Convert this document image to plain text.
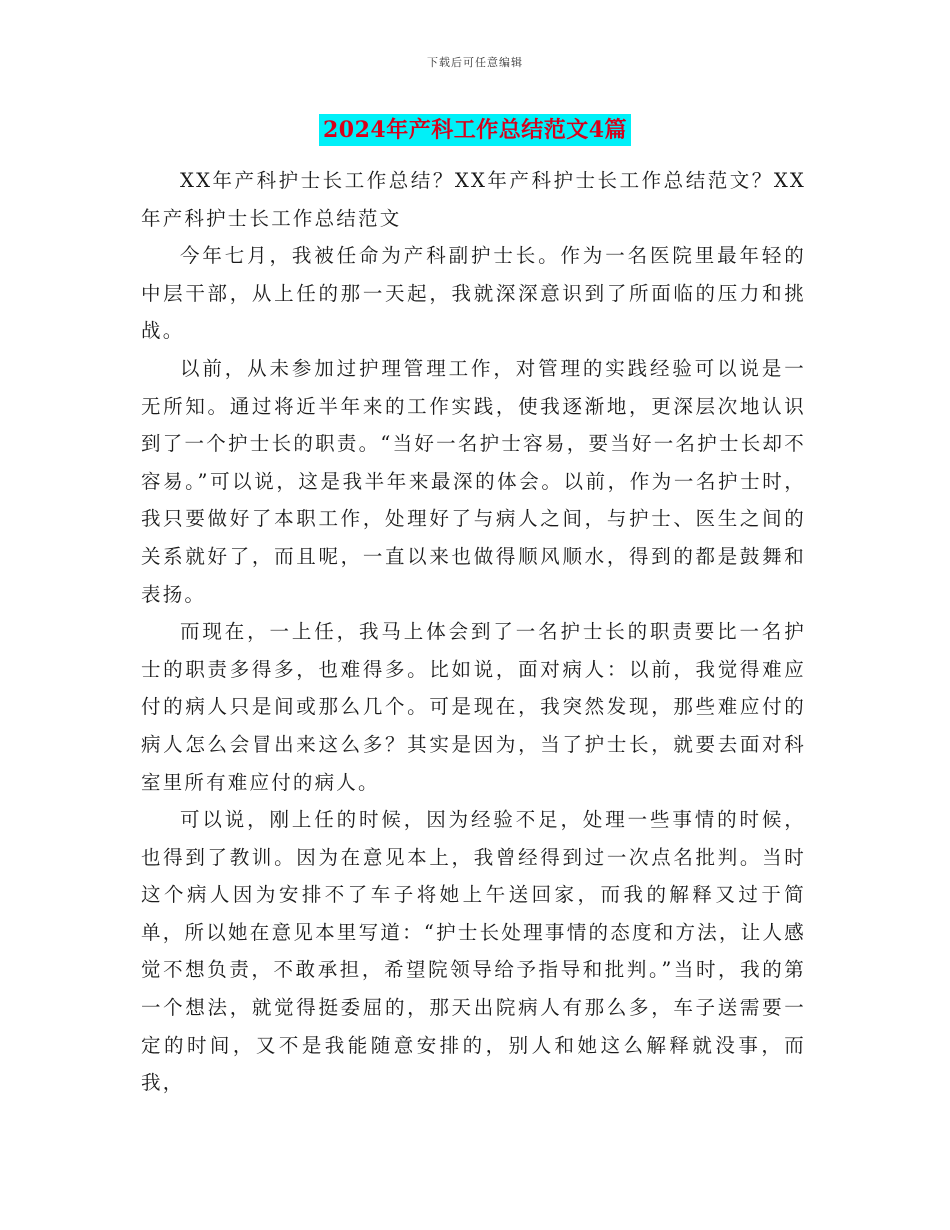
下载后可任意编辑
2024年产科工作总结范文4篇

XX年产科护士长工作总结？XX年产科护士长工作总结范文？XX年产科护士长工作总结范文

今年七月，我被任命为产科副护士长。作为一名医院里最年轻的中层干部，从上任的那一天起，我就深深意识到了所面临的压力和挑战。

以前，从未参加过护理管理工作，对管理的实践经验可以说是一无所知。通过将近半年来的工作实践，使我逐渐地，更深层次地认识到了一个护士长的职责。“当好一名护士容易，要当好一名护士长却不容易。”可以说，这是我半年来最深的体会。以前，作为一名护士时，我只要做好了本职工作，处理好了与病人之间，与护士、医生之间的关系就好了，而且呢，一直以来也做得顺风顺水，得到的都是鼓舞和表扬。

而现在，一上任，我马上体会到了一名护士长的职责要比一名护士的职责多得多，也难得多。比如说，面对病人：以前，我觉得难应付的病人只是间或那么几个。可是现在，我突然发现，那些难应付的病人怎么会冒出来这么多？其实是因为，当了护士长，就要去面对科室里所有难应付的病人。

可以说，刚上任的时候，因为经验不足，处理一些事情的时候，也得到了教训。因为在意见本上，我曾经得到过一次点名批判。当时这个病人因为安排不了车子将她上午送回家，而我的解释又过于简单，所以她在意见本里写道：“护士长处理事情的态度和方法，让人感觉不想负责，不敢承担，希望院领导给予指导和批判。”当时，我的第一个想法，就觉得挺委屈的，那天出院病人有那么多，车子送需要一定的时间，又不是我能随意安排的，别人和她这么解释就没事，而我，
